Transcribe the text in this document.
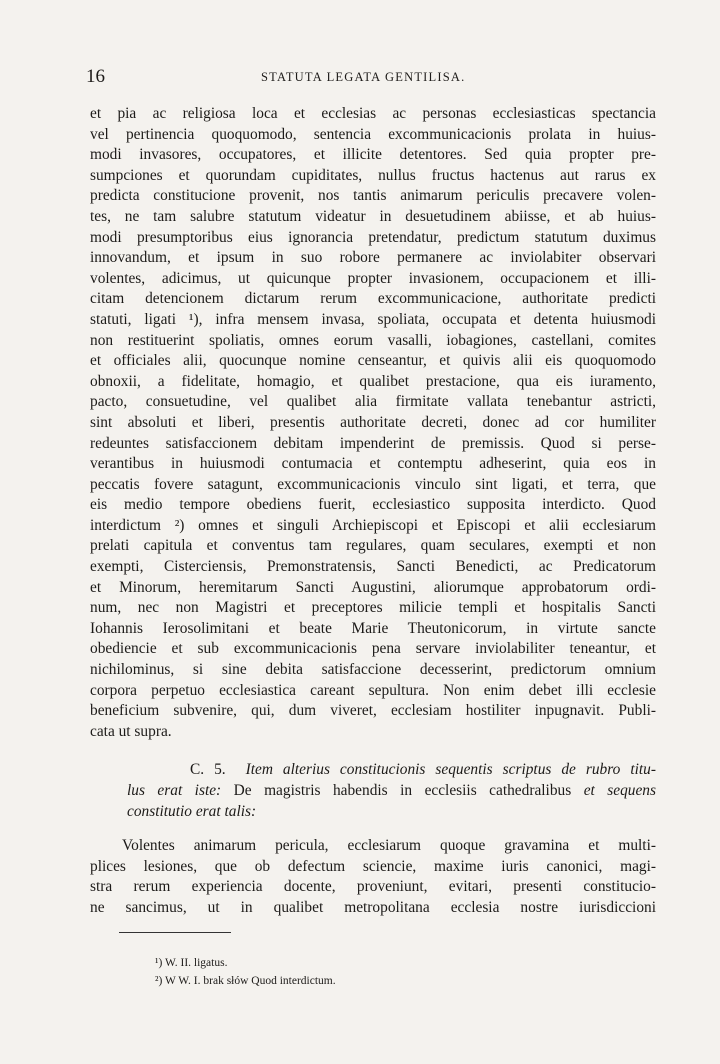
16	STATUTA LEGATA GENTILISA.
et pia ac religiosa loca et ecclesias ac personas ecclesiasticas spectancia
vel pertinencia quoquomodo, sentencia excommunicacionis prolata in huius-
modi invasores, occupatores, et illicite detentores. Sed quia propter pre-
sumpciones et quorundam cupiditates, nullus fructus hactenus aut rarus ex
predicta constitucione provenit, nos tantis animarum periculis precavere volen-
tes, ne tam salubre statutum videatur in desuetudinem abiisse, et ab huius-
modi presumptoribus eius ignorancia pretendatur, predictum statutum duximus
innovandum, et ipsum in suo robore permanere ac inviolabiter observari
volentes, adicimus, ut quicunque propter invasionem, occupacionem et illi-
citam detencionem dictarum rerum excommunicacione, authoritate predicti
statuti, ligati ¹), infra mensem invasa, spoliata, occupata et detenta huiusmodi
non restituerint spoliatis, omnes eorum vasalli, iobagiones, castellani, comites
et officiales alii, quocunque nomine censeantur, et quivis alii eis quoquomodo
obnoxii, a fidelitate, homagio, et qualibet prestacione, qua eis iuramento,
pacto, consuetudine, vel qualibet alia firmitate vallata tenebantur astricti,
sint absoluti et liberi, presentis authoritate decreti, donec ad cor humiliter
redeuntes satisfaccionem debitam impenderint de premissis. Quod si perse-
verantibus in huiusmodi contumacia et contemptu adheserint, quia eos in
peccatis fovere satagunt, excommunicacionis vinculo sint ligati, et terra, que
eis medio tempore obediens fuerit, ecclesiastico supposita interdicto. Quod
interdictum ²) omnes et singuli Archiepiscopi et Episcopi et alii ecclesiarum
prelati capitula et conventus tam regulares, quam seculares, exempti et non
exempti, Cisterciensis, Premonstratensis, Sancti Benedicti, ac Predicatorum
et Minorum, heremitarum Sancti Augustini, aliorumque approbatorum ordi-
num, nec non Magistri et preceptores milicie templi et hospitalis Sancti
Iohannis Ierosolimitani et beate Marie Theutonicorum, in virtute sancte
obediencie et sub excommunicacionis pena servare inviolabiliter teneantur, et
nichilominus, si sine debita satisfaccione decesserint, predictorum omnium
corpora perpetuo ecclesiastica careant sepultura. Non enim debet illi ecclesie
beneficium subvenire, qui, dum viveret, ecclesiam hostiliter inpugnavit. Publi-
cata ut supra.
C. 5. Item alterius constitucionis sequentis scriptus de rubro titu-
lus erat iste: De magistris habendis in ecclesiis cathedralibus et sequens
constitutio erat talis:
Volentes animarum pericula, ecclesiarum quoque gravamina et multi-
plices lesiones, que ob defectum sciencie, maxime iuris canonici, magi-
stra rerum experiencia docente, proveniunt, evitari, presenti constitucio-
ne sancimus, ut in qualibet metropolitana ecclesia nostre iurisdiccioni
¹) W. II. ligatus.
²) W W. I. brak słów Quod interdictum.
